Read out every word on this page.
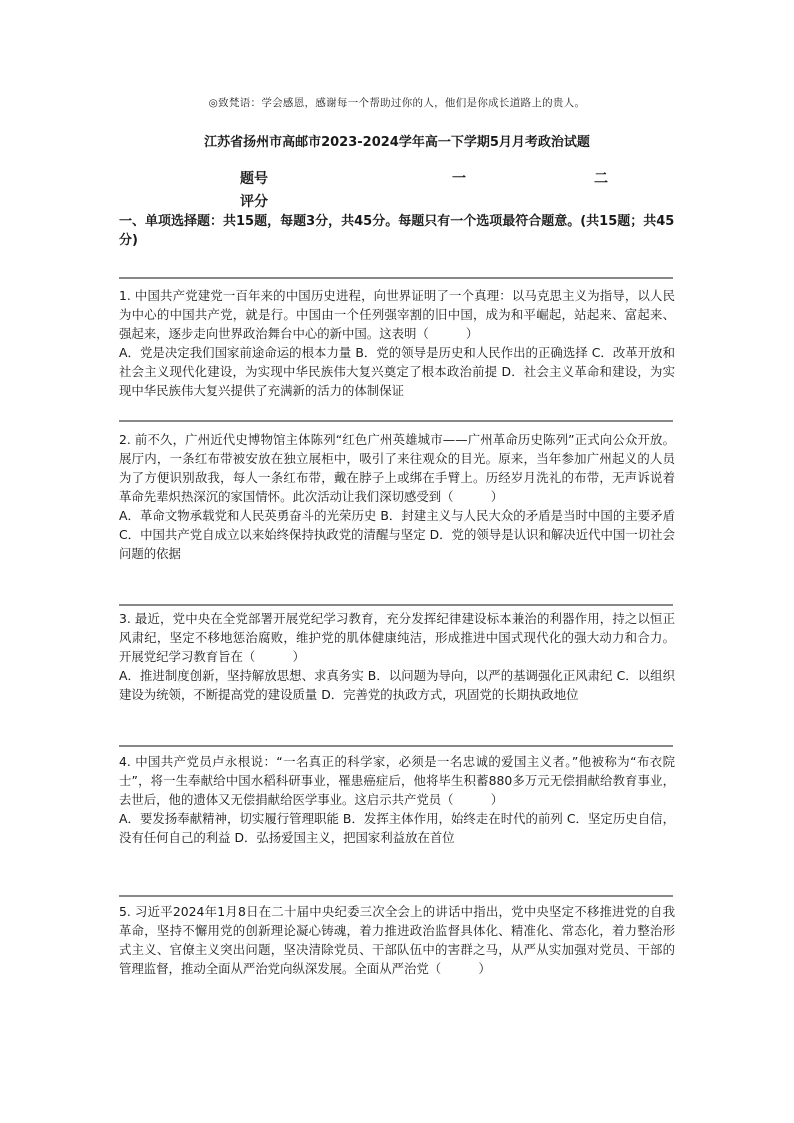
◎致梵语：学会感恩，感谢每一个帮助过你的人，他们是你成长道路上的贵人。
江苏省扬州市高邮市2023-2024学年高一下学期5月月考政治试题
题号	一	二
评分
一、单项选择题：共15题，每题3分，共45分。每题只有一个选项最符合题意。(共15题；共45分)
1. 中国共产党建党一百年来的中国历史进程，向世界证明了一个真理：以马克思主义为指导，以人民为中心的中国共产党，就是行。中国由一个任列强宰割的旧中国，成为和平崛起，站起来、富起来、强起来，逐步走向世界政治舞台中心的新中国。这表明（　　　）
A．党是决定我们国家前途命运的根本力量 B．党的领导是历史和人民作出的正确选择 C．改革开放和社会主义现代化建设，为实现中华民族伟大复兴奠定了根本政治前提 D．社会主义革命和建设，为实现中华民族伟大复兴提供了充满新的活力的体制保证
2. 前不久，广州近代史博物馆主体陈列“红色广州英雄城市——广州革命历史陈列”正式向公众开放。展厅内，一条红布带被安放在独立展柜中，吸引了来往观众的目光。原来，当年参加广州起义的人员为了方便识别敌我，每人一条红布带，戴在脖子上或绑在手臂上。历经岁月洗礼的布带，无声诉说着革命先辈炽热深沉的家国情怀。此次活动让我们深切感受到（　　　）
A．革命文物承载党和人民英勇奋斗的光荣历史 B．封建主义与人民大众的矛盾是当时中国的主要矛盾 C．中国共产党自成立以来始终保持执政党的清醒与坚定 D．党的领导是认识和解决近代中国一切社会问题的依据
3. 最近，党中央在全党部署开展党纪学习教育，充分发挥纪律建设标本兼治的利器作用，持之以恒正风肃纪，坚定不移地惩治腐败，维护党的肌体健康纯洁，形成推进中国式现代化的强大动力和合力。开展党纪学习教育旨在（　　　）
A．推进制度创新，坚持解放思想、求真务实 B．以问题为导向，以严的基调强化正风肃纪 C．以组织建设为统领，不断提高党的建设质量 D．完善党的执政方式，巩固党的长期执政地位
4. 中国共产党员卢永根说：“一名真正的科学家，必须是一名忠诚的爱国主义者。”他被称为“布衣院士”，将一生奉献给中国水稻科研事业，罹患癌症后，他将毕生积蓄880多万元无偿捐献给教育事业，去世后，他的遗体又无偿捐献给医学事业。这启示共产党员（　　　）
A．要发扬奉献精神，切实履行管理职能 B．发挥主体作用，始终走在时代的前列 C．坚定历史自信，没有任何自己的利益 D．弘扬爱国主义，把国家利益放在首位
5. 习近平2024年1月8日在二十届中央纪委三次全会上的讲话中指出，党中央坚定不移推进党的自我革命，坚持不懈用党的创新理论凝心铸魂，着力推进政治监督具体化、精准化、常态化，着力整治形式主义、官僚主义突出问题，坚决清除党员、干部队伍中的害群之马，从严从实加强对党员、干部的管理监督，推动全面从严治党向纵深发展。全面从严治党（　　　）
